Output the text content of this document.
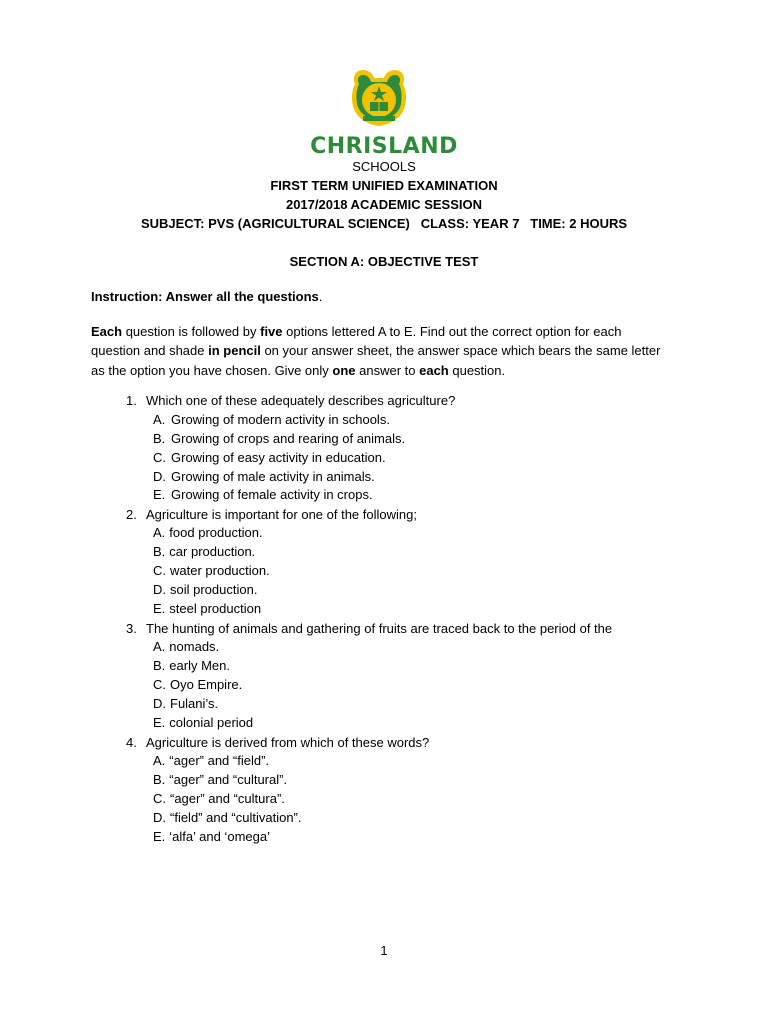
CHRISLAND
SCHOOLS
FIRST TERM UNIFIED EXAMINATION
2017/2018 ACADEMIC SESSION
SUBJECT: PVS (AGRICULTURAL SCIENCE)   CLASS: YEAR 7   TIME: 2 HOURS
SECTION A: OBJECTIVE TEST
Instruction: Answer all the questions.
Each question is followed by five options lettered A to E. Find out the correct option for each question and shade in pencil on your answer sheet, the answer space which bears the same letter as the option you have chosen. Give only one answer to each question.
1. Which one of these adequately describes agriculture?
A. Growing of modern activity in schools.
B. Growing of crops and rearing of animals.
C. Growing of easy activity in education.
D. Growing of male activity in animals.
E. Growing of female activity in crops.
2. Agriculture is important for one of the following;
A. food production.
B. car production.
C. water production.
D. soil production.
E. steel production
3. The hunting of animals and gathering of fruits are traced back to the period of the
A. nomads.
B. early Men.
C. Oyo Empire.
D. Fulani’s.
E. colonial period
4. Agriculture is derived from which of these words?
A. “ager” and “field”.
B. “ager” and “cultural”.
C. “ager” and “cultura”.
D. “field” and “cultivation”.
E. ‘alfa’ and ‘omega’
1
